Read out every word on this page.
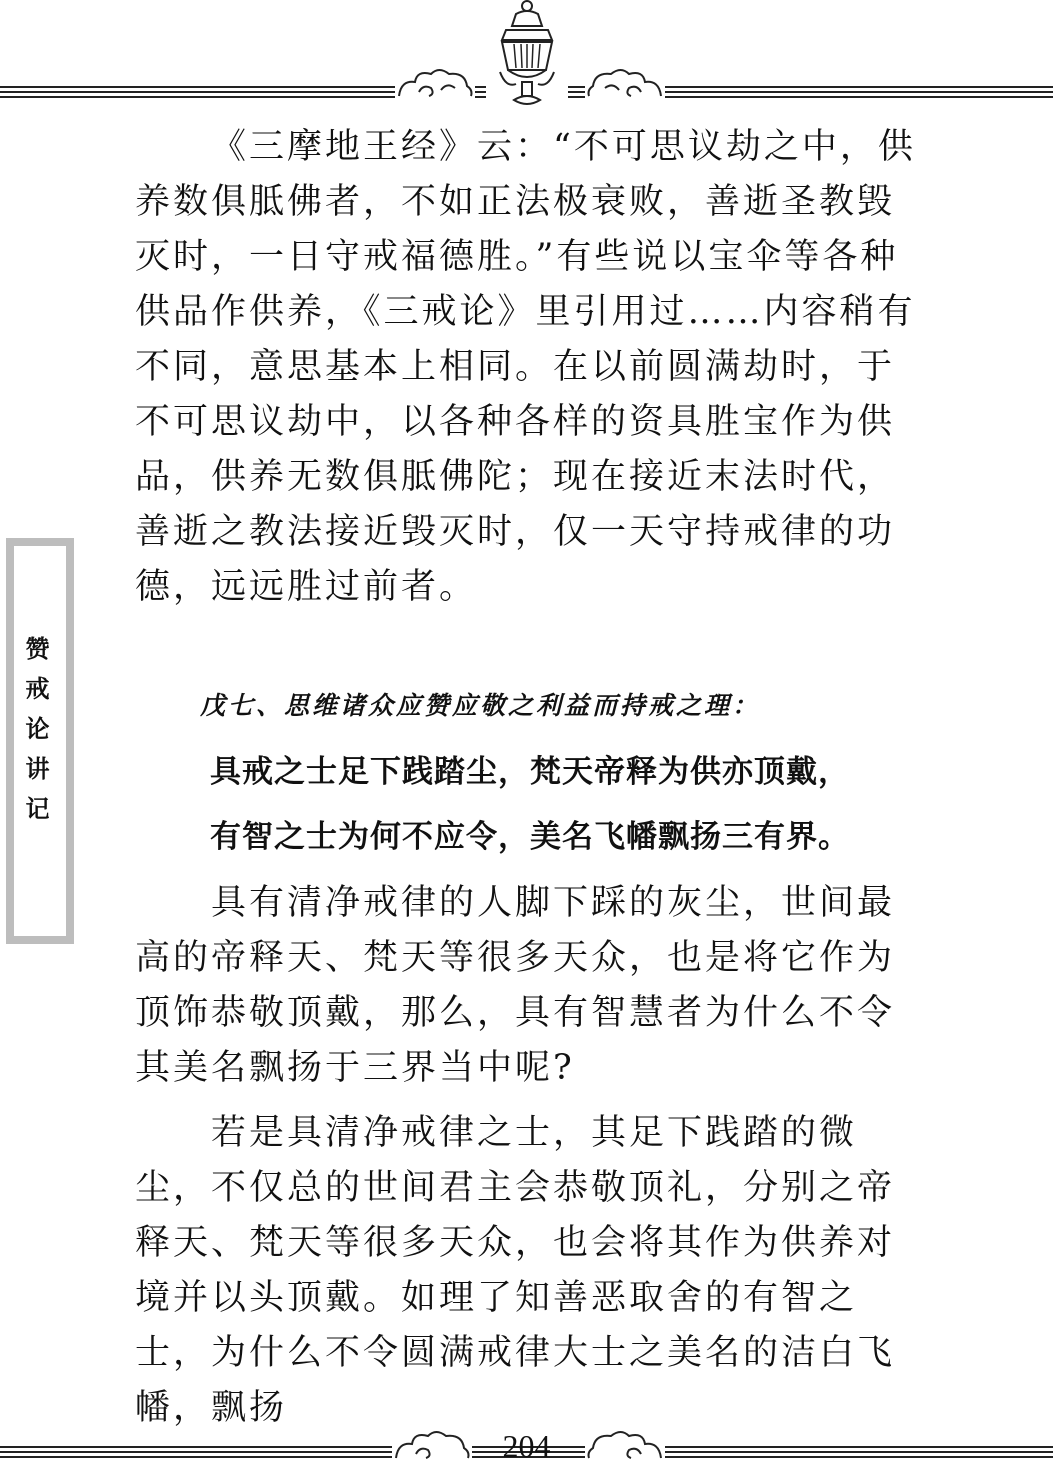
赞戒论讲记

《三摩地王经》云：“不可思议劫之中，供养数俱胝佛者，不如正法极衰败，善逝圣教毁灭时，一日守戒福德胜。”有些说以宝伞等各种供品作供养，《三戒论》里引用过……内容稍有不同，意思基本上相同。在以前圆满劫时，于不可思议劫中，以各种各样的资具胜宝作为供品，供养无数俱胝佛陀；现在接近末法时代，善逝之教法接近毁灭时，仅一天守持戒律的功德，远远胜过前者。

戊七、思维诸众应赞应敬之利益而持戒之理：
具戒之士足下践踏尘，梵天帝释为供亦顶戴，
有智之士为何不应令，美名飞幡飘扬三有界。

具有清净戒律的人脚下踩的灰尘，世间最高的帝释天、梵天等很多天众，也是将它作为顶饰恭敬顶戴，那么，具有智慧者为什么不令其美名飘扬于三界当中呢?

若是具清净戒律之士，其足下践踏的微尘，不仅总的世间君主会恭敬顶礼，分别之帝释天、梵天等很多天众，也会将其作为供养对境并以头顶戴。如理了知善恶取舍的有智之士，为什么不令圆满戒律大士之美名的洁白飞幡，飘扬

204
